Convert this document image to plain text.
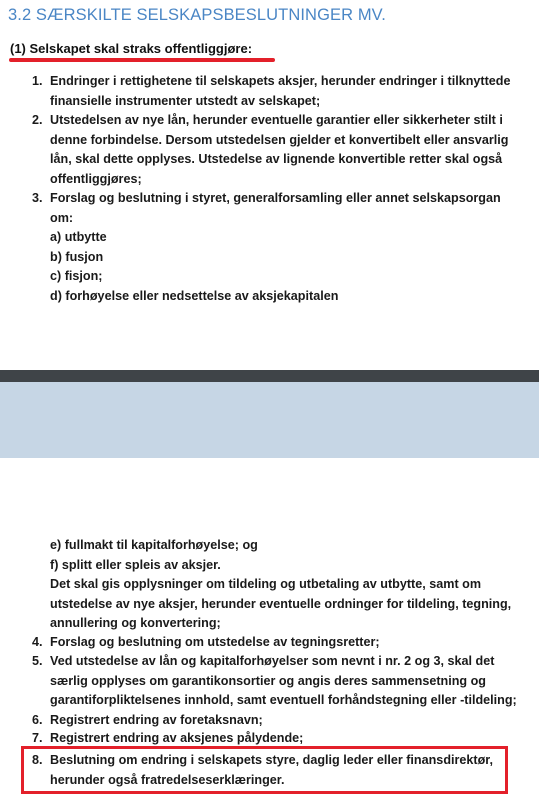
3.2 SÆRSKILTE SELSKAPSBESLUTNINGER MV.
(1) Selskapet skal straks offentliggjøre:
1. Endringer i rettighetene til selskapets aksjer, herunder endringer i tilknyttede
finansielle instrumenter utstedt av selskapet;
2. Utstedelsen av nye lån, herunder eventuelle garantier eller sikkerheter stilt i
denne forbindelse. Dersom utstedelsen gjelder et konvertibelt eller ansvarlig
lån, skal dette opplyses. Utstedelse av lignende konvertible retter skal også
offentliggjøres;
3. Forslag og beslutning i styret, generalforsamling eller annet selskapsorgan
om:
a) utbytte
b) fusjon
c) fisjon;
d) forhøyelse eller nedsettelse av aksjekapitalen
e) fullmakt til kapitalforhøyelse; og
f) splitt eller spleis av aksjer.
Det skal gis opplysninger om tildeling og utbetaling av utbytte, samt om
utstedelse av nye aksjer, herunder eventuelle ordninger for tildeling, tegning,
annullering og konvertering;
4. Forslag og beslutning om utstedelse av tegningsretter;
5. Ved utstedelse av lån og kapitalforhøyelser som nevnt i nr. 2 og 3, skal det
særlig opplyses om garantikonsortier og angis deres sammensetning og
garantiforpliktelsenes innhold, samt eventuell forhåndstegning eller -tildeling;
6. Registrert endring av foretaksnavn;
7. Registrert endring av aksjenes pålydende;
8. Beslutning om endring i selskapets styre, daglig leder eller finansdirektør,
herunder også fratredelseserklæringer.
